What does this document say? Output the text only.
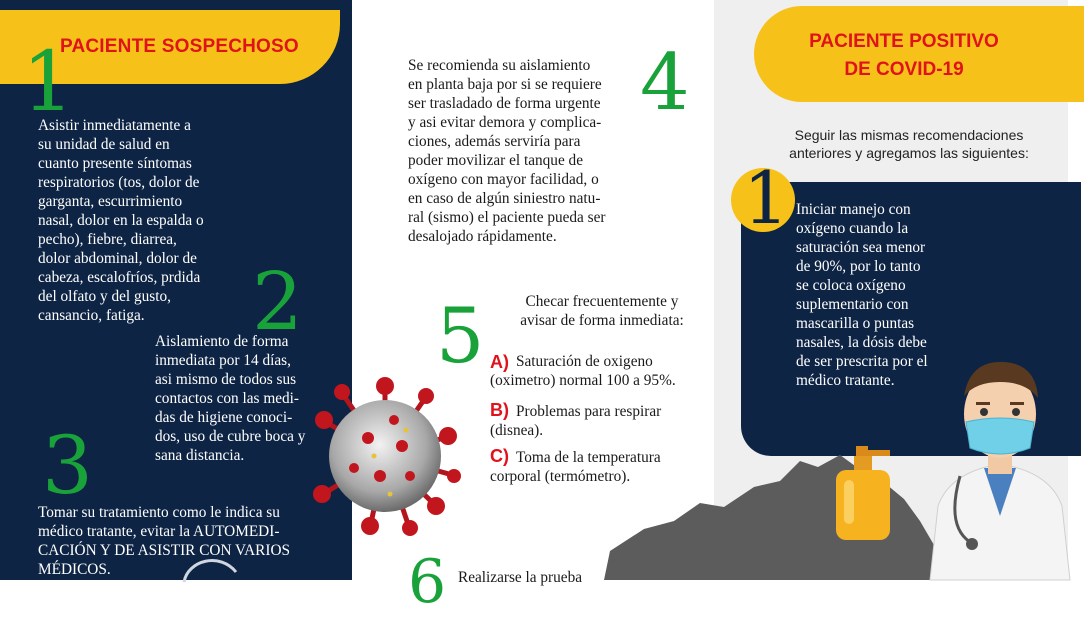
PACIENTE SOSPECHOSO
1
Asistir inmediatamente a
su unidad de salud en
cuanto presente síntomas
respiratorios (tos, dolor de
garganta, escurrimiento
nasal, dolor en la espalda o
pecho), fiebre, diarrea,
dolor abdominal, dolor de
cabeza, escalofríos, prdida
del olfato y del gusto,
cansancio, fatiga.	2
Aislamiento de forma
inmediata por 14 días,
asi mismo de todos sus
contactos con las medi-
das de higiene conoci-
dos, uso de cubre boca y
sana distancia.
3
Tomar su tratamiento como le indica su
médico tratante, evitar la AUTOMEDI-
CACIÓN Y DE ASISTIR CON VARIOS
MÉDICOS.
Se recomienda su aislamiento
en planta baja por si se requiere
ser trasladado de forma urgente
y asi evitar demora y complica-
ciones, además serviría para
poder movilizar el tanque de
oxígeno con mayor facilidad, o
en caso de algún siniestro natu-
ral (sismo) el paciente pueda ser
desalojado rápidamente.
4
5	Checar frecuentemente y
avisar de forma inmediata:
A) Saturación de oxigeno
(oximetro) normal 100 a 95%.
B) Problemas para respirar
(disnea).
C) Toma de la temperatura
corporal (termómetro).
6 Realizarse la prueba
PACIENTE POSITIVO
DE COVID-19
Seguir las mismas recomendaciones
anteriores y agregamos las siguientes:
1 Iniciar manejo con
oxígeno cuando la
saturación sea menor
de 90%, por lo tanto
se coloca oxígeno
suplementario con
mascarilla o puntas
nasales, la dósis debe
de ser prescrita por el
médico tratante.
